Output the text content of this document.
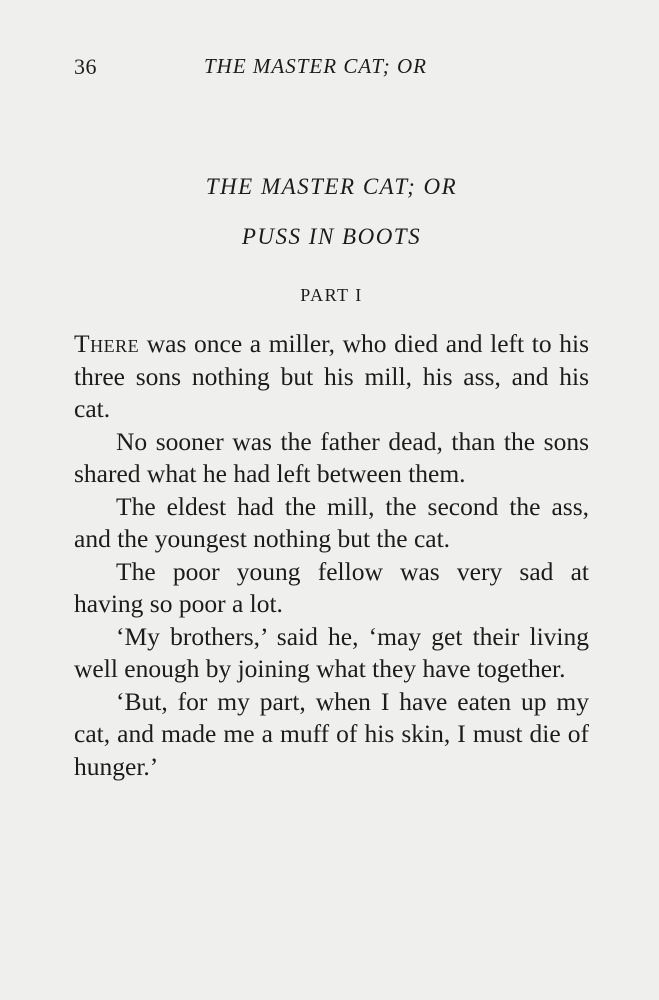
36	THE MASTER CAT; OR
THE MASTER CAT; OR
PUSS IN BOOTS
PART I

There was once a miller, who died and left to his three sons nothing but his mill, his ass, and his cat.

No sooner was the father dead, than the sons shared what he had left between them.

The eldest had the mill, the second the ass, and the youngest nothing but the cat.

The poor young fellow was very sad at having so poor a lot.

‘My brothers,’ said he, ‘may get their living well enough by joining what they have together.

‘But, for my part, when I have eaten up my cat, and made me a muff of his skin, I must die of hunger.’
